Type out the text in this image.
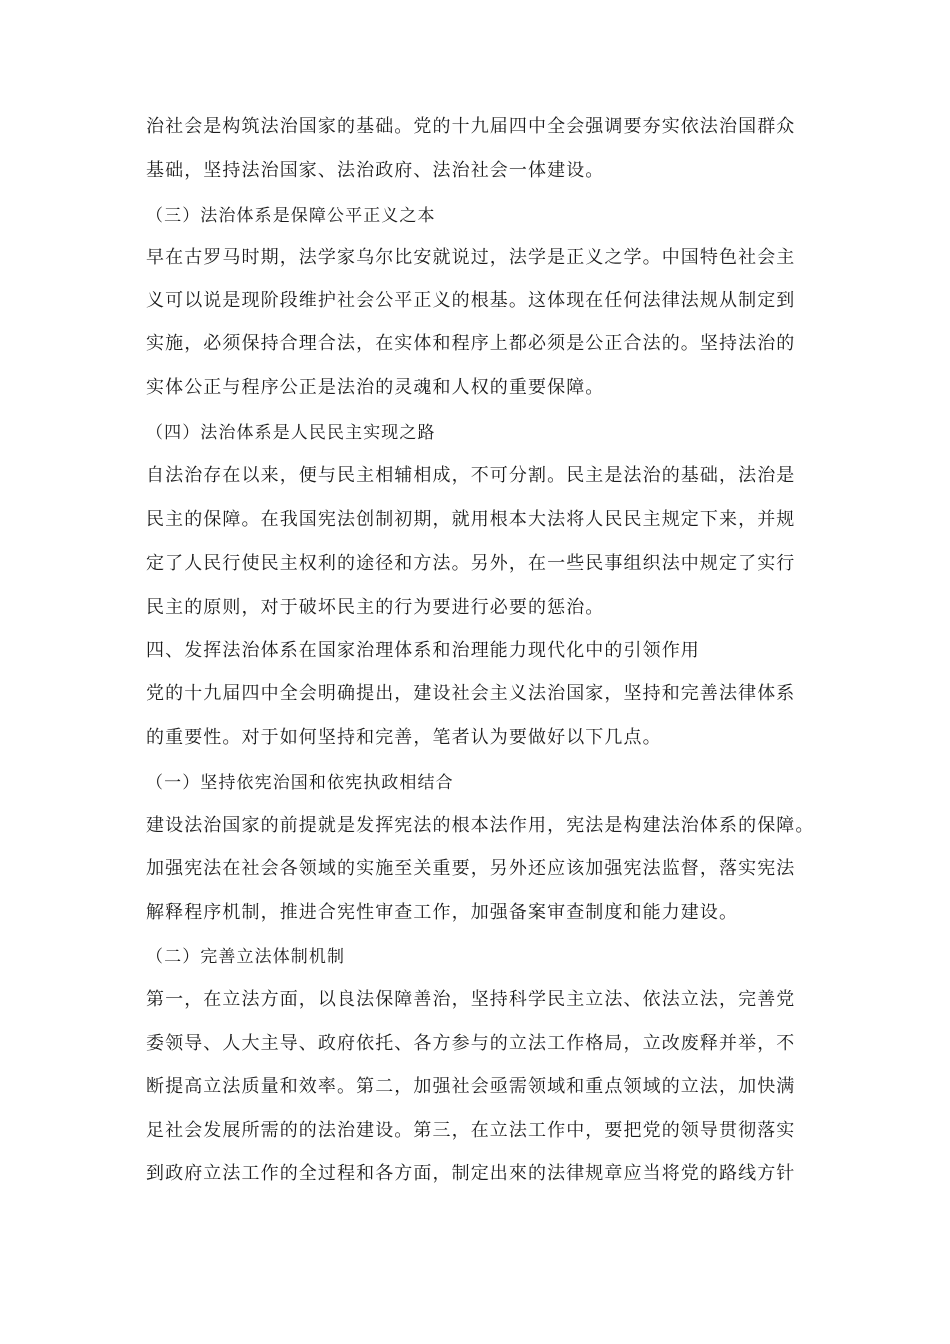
治社会是构筑法治国家的基础。党的十九届四中全会强调要夯实依法治国群众
基础，坚持法治国家、法治政府、法治社会一体建设。
（三）法治体系是保障公平正义之本
早在古罗马时期，法学家乌尔比安就说过，法学是正义之学。中国特色社会主
义可以说是现阶段维护社会公平正义的根基。这体现在任何法律法规从制定到
实施，必须保持合理合法，在实体和程序上都必须是公正合法的。坚持法治的
实体公正与程序公正是法治的灵魂和人权的重要保障。
（四）法治体系是人民民主实现之路
自法治存在以来，便与民主相辅相成，不可分割。民主是法治的基础，法治是
民主的保障。在我国宪法创制初期，就用根本大法将人民民主规定下来，并规
定了人民行使民主权利的途径和方法。另外，在一些民事组织法中规定了实行
民主的原则，对于破坏民主的行为要进行必要的惩治。
四、发挥法治体系在国家治理体系和治理能力现代化中的引领作用
党的十九届四中全会明确提出，建设社会主义法治国家，坚持和完善法律体系
的重要性。对于如何坚持和完善，笔者认为要做好以下几点。
（一）坚持依宪治国和依宪执政相结合
建设法治国家的前提就是发挥宪法的根本法作用，宪法是构建法治体系的保障。
加强宪法在社会各领域的实施至关重要，另外还应该加强宪法监督，落实宪法
解释程序机制，推进合宪性审查工作，加强备案审查制度和能力建设。
（二）完善立法体制机制
第一，在立法方面，以良法保障善治，坚持科学民主立法、依法立法，完善党
委领导、人大主导、政府依托、各方参与的立法工作格局，立改废释并举，不
断提高立法质量和效率。第二，加强社会亟需领域和重点领域的立法，加快满
足社会发展所需的的法治建设。第三，在立法工作中，要把党的领导贯彻落实
到政府立法工作的全过程和各方面，制定出來的法律规章应当将党的路线方针
